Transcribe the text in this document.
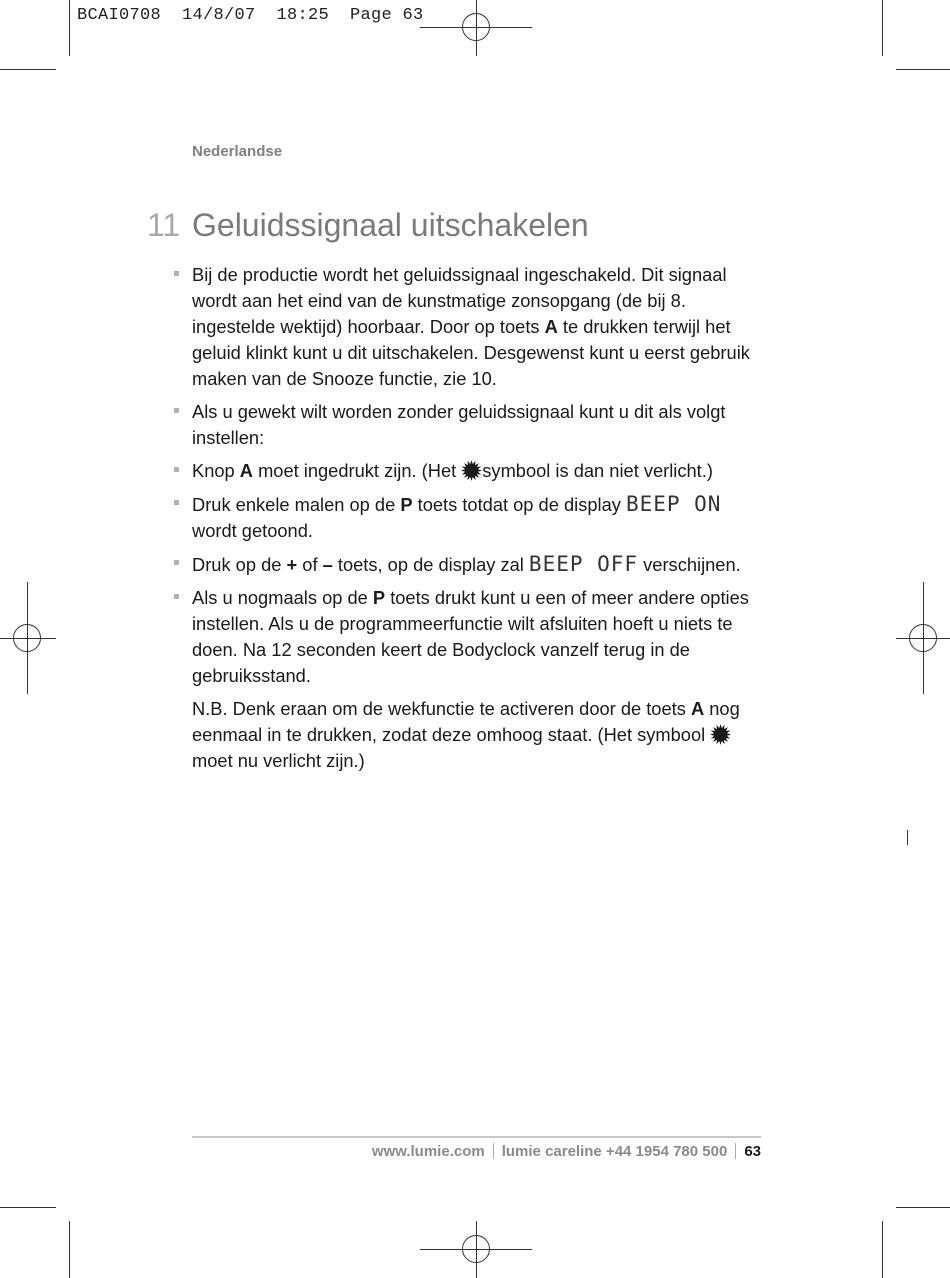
BCAI0708  14/8/07  18:25  Page 63
Nederlandse
11 Geluidssignaal uitschakelen
Bij de productie wordt het geluidssignaal ingeschakeld. Dit signaal wordt aan het eind van de kunstmatige zonsopgang (de bij 8. ingestelde wektijd) hoorbaar. Door op toets A te drukken terwijl het geluid klinkt kunt u dit uitschakelen. Desgewenst kunt u eerst gebruik maken van de Snooze functie, zie 10.
Als u gewekt wilt worden zonder geluidssignaal kunt u dit als volgt instellen:
Knop A moet ingedrukt zijn. (Het symbool is dan niet verlicht.)
Druk enkele malen op de P toets totdat op de display BEEP ON wordt getoond.
Druk op de + of – toets, op de display zal BEEP OFF verschijnen.
Als u nogmaals op de P toets drukt kunt u een of meer andere opties instellen. Als u de programmeerfunctie wilt afsluiten hoeft u niets te doen. Na 12 seconden keert de Bodyclock vanzelf terug in de gebruiksstand.
N.B. Denk eraan om de wekfunctie te activeren door de toets A nog eenmaal in te drukken, zodat deze omhoog staat. (Het symbool  moet nu verlicht zijn.)
www.lumie.com lumie careline +44 1954 780 500 63
